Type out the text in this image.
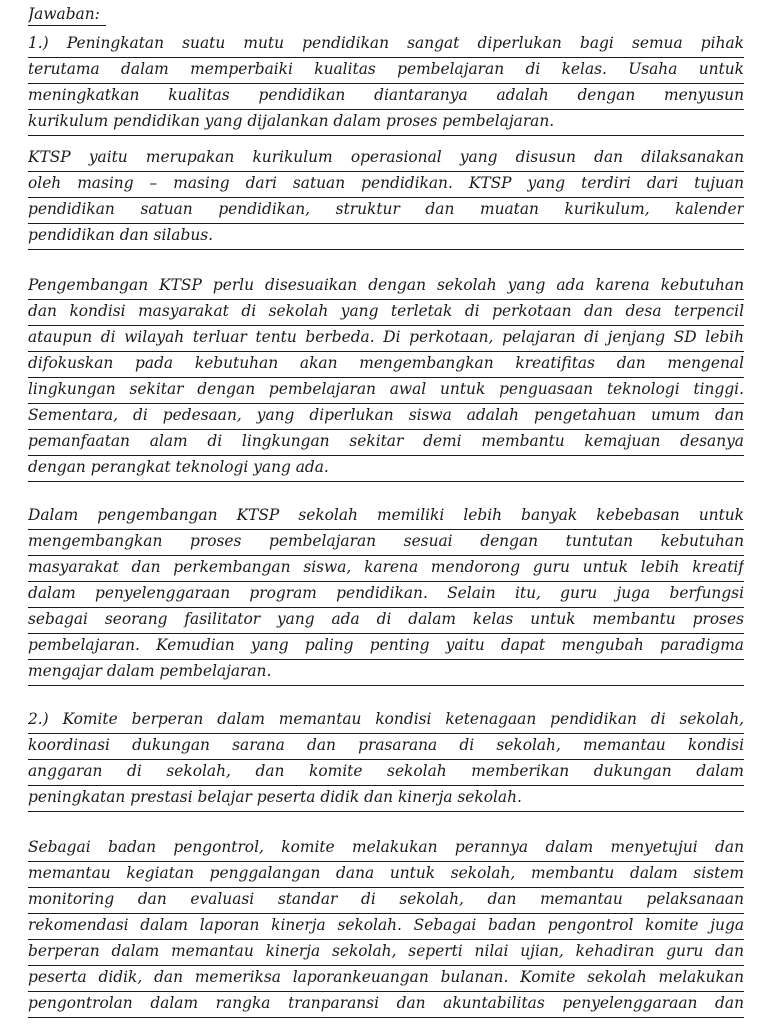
Jawaban:
1.) Peningkatan suatu mutu pendidikan sangat diperlukan bagi semua pihak
terutama dalam memperbaiki kualitas pembelajaran di kelas. Usaha untuk
meningkatkan kualitas pendidikan diantaranya adalah dengan menyusun
kurikulum pendidikan yang dijalankan dalam proses pembelajaran.
KTSP yaitu merupakan kurikulum operasional yang disusun dan dilaksanakan
oleh masing – masing dari satuan pendidikan. KTSP yang terdiri dari tujuan
pendidikan satuan pendidikan, struktur dan muatan kurikulum, kalender
pendidikan dan silabus.
Pengembangan KTSP perlu disesuaikan dengan sekolah yang ada karena kebutuhan
dan kondisi masyarakat di sekolah yang terletak di perkotaan dan desa terpencil
ataupun di wilayah terluar tentu berbeda. Di perkotaan, pelajaran di jenjang SD lebih
difokuskan pada kebutuhan akan mengembangkan kreatifitas dan mengenal
lingkungan sekitar dengan pembelajaran awal untuk penguasaan teknologi tinggi.
Sementara, di pedesaan, yang diperlukan siswa adalah pengetahuan umum dan
pemanfaatan alam di lingkungan sekitar demi membantu kemajuan desanya
dengan perangkat teknologi yang ada.
Dalam pengembangan KTSP sekolah memiliki lebih banyak kebebasan untuk
mengembangkan proses pembelajaran sesuai dengan tuntutan kebutuhan
masyarakat dan perkembangan siswa, karena mendorong guru untuk lebih kreatif
dalam penyelenggaraan program pendidikan. Selain itu, guru juga berfungsi
sebagai seorang fasilitator yang ada di dalam kelas untuk membantu proses
pembelajaran. Kemudian yang paling penting yaitu dapat mengubah paradigma
mengajar dalam pembelajaran.
2.) Komite berperan dalam memantau kondisi ketenagaan pendidikan di sekolah,
koordinasi dukungan sarana dan prasarana di sekolah, memantau kondisi
anggaran di sekolah, dan komite sekolah memberikan dukungan dalam
peningkatan prestasi belajar peserta didik dan kinerja sekolah.
Sebagai badan pengontrol, komite melakukan perannya dalam menyetujui dan
memantau kegiatan penggalangan dana untuk sekolah, membantu dalam sistem
monitoring dan evaluasi standar di sekolah, dan memantau pelaksanaan
rekomendasi dalam laporan kinerja sekolah. Sebagai badan pengontrol komite juga
berperan dalam memantau kinerja sekolah, seperti nilai ujian, kehadiran guru dan
peserta didik, dan memeriksa laporankeuangan bulanan. Komite sekolah melakukan
pengontrolan dalam rangka tranparansi dan akuntabilitas penyelenggaraan dan
